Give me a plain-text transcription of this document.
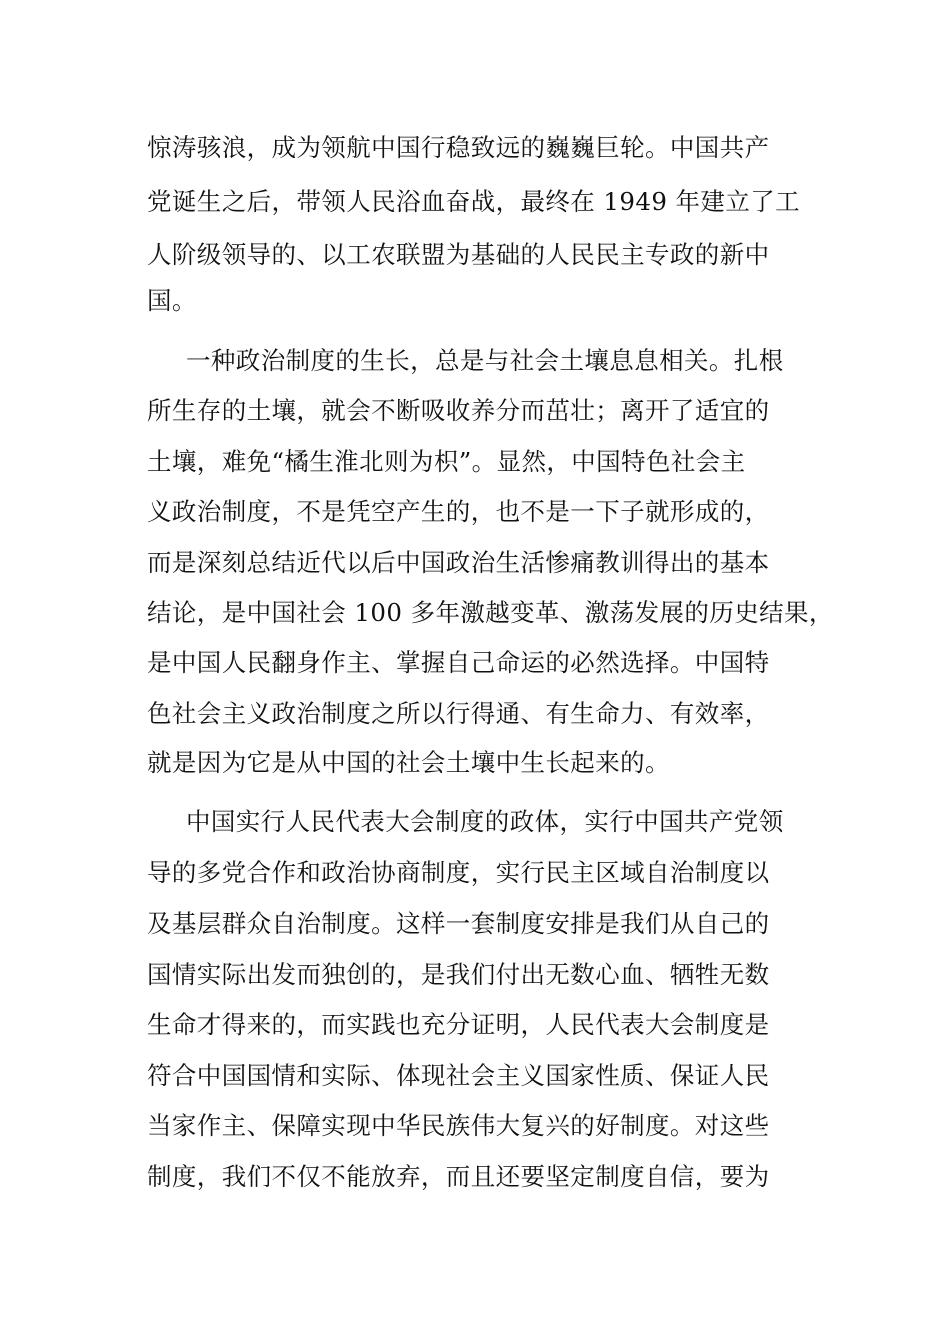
惊涛骇浪，成为领航中国行稳致远的巍巍巨轮。中国共产
党诞生之后，带领人民浴血奋战，最终在 1949 年建立了工
人阶级领导的、以工农联盟为基础的人民民主专政的新中
国。
一种政治制度的生长，总是与社会土壤息息相关。扎根
所生存的土壤，就会不断吸收养分而茁壮；离开了适宜的
土壤，难免“橘生淮北则为枳”。显然，中国特色社会主
义政治制度，不是凭空产生的，也不是一下子就形成的，
而是深刻总结近代以后中国政治生活惨痛教训得出的基本
结论，是中国社会 100 多年激越变革、激荡发展的历史结果，
是中国人民翻身作主、掌握自己命运的必然选择。中国特
色社会主义政治制度之所以行得通、有生命力、有效率，
就是因为它是从中国的社会土壤中生长起来的。
中国实行人民代表大会制度的政体，实行中国共产党领
导的多党合作和政治协商制度，实行民主区域自治制度以
及基层群众自治制度。这样一套制度安排是我们从自己的
国情实际出发而独创的，是我们付出无数心血、牺牲无数
生命才得来的，而实践也充分证明，人民代表大会制度是
符合中国国情和实际、体现社会主义国家性质、保证人民
当家作主、保障实现中华民族伟大复兴的好制度。对这些
制度，我们不仅不能放弃，而且还要坚定制度自信，要为
